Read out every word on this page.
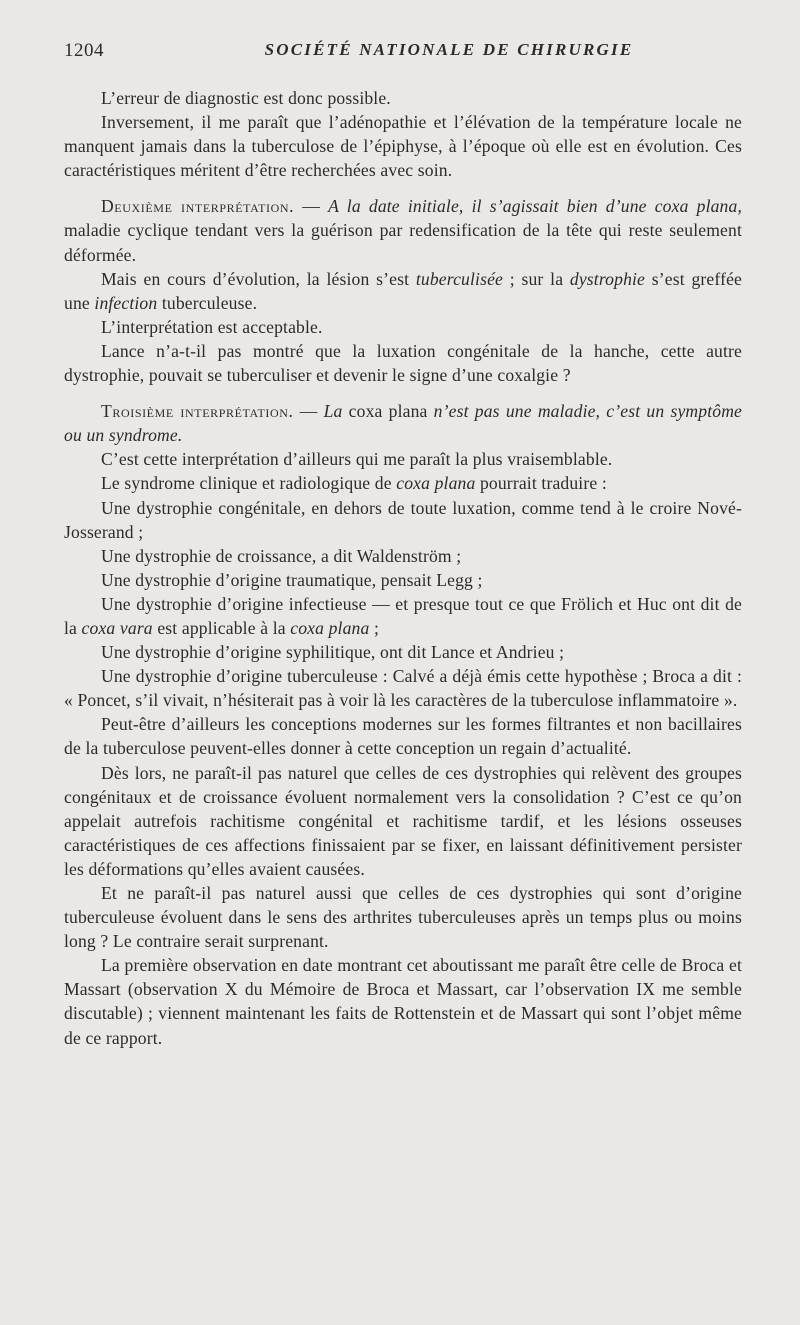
1204	SOCIÉTÉ NATIONALE DE CHIRURGIE

L’erreur de diagnostic est donc possible.

Inversement, il me paraît que l’adénopathie et l’élévation de la température locale ne manquent jamais dans la tuberculose de l’épiphyse, à l’époque où elle est en évolution. Ces caractéristiques méritent d’être recherchées avec soin.

Deuxième interprétation. — A la date initiale, il s’agissait bien d’une coxa plana, maladie cyclique tendant vers la guérison par redensification de la tête qui reste seulement déformée.

Mais en cours d’évolution, la lésion s’est tuberculisée ; sur la dystrophie s’est greffée une infection tuberculeuse.

L’interprétation est acceptable.

Lance n’a-t-il pas montré que la luxation congénitale de la hanche, cette autre dystrophie, pouvait se tuberculiser et devenir le signe d’une coxalgie ?

Troisième interprétation. — La coxa plana n’est pas une maladie, c’est un symptôme ou un syndrome.

C’est cette interprétation d’ailleurs qui me paraît la plus vraisemblable.

Le syndrome clinique et radiologique de coxa plana pourrait traduire :

Une dystrophie congénitale, en dehors de toute luxation, comme tend à le croire Nové-Josserand ;

Une dystrophie de croissance, a dit Waldenström ;

Une dystrophie d’origine traumatique, pensait Legg ;

Une dystrophie d’origine infectieuse — et presque tout ce que Frölich et Huc ont dit de la coxa vara est applicable à la coxa plana ;

Une dystrophie d’origine syphilitique, ont dit Lance et Andrieu ;

Une dystrophie d’origine tuberculeuse : Calvé a déjà émis cette hypothèse ; Broca a dit : « Poncet, s’il vivait, n’hésiterait pas à voir là les caractères de la tuberculose inflammatoire ».

Peut-être d’ailleurs les conceptions modernes sur les formes filtrantes et non bacillaires de la tuberculose peuvent-elles donner à cette conception un regain d’actualité.

Dès lors, ne paraît-il pas naturel que celles de ces dystrophies qui relèvent des groupes congénitaux et de croissance évoluent normalement vers la consolidation ? C’est ce qu’on appelait autrefois rachitisme congénital et rachitisme tardif, et les lésions osseuses caractéristiques de ces affections finissaient par se fixer, en laissant définitivement persister les déformations qu’elles avaient causées.

Et ne paraît-il pas naturel aussi que celles de ces dystrophies qui sont d’origine tuberculeuse évoluent dans le sens des arthrites tuberculeuses après un temps plus ou moins long ? Le contraire serait surprenant.

La première observation en date montrant cet aboutissant me paraît être celle de Broca et Massart (observation X du Mémoire de Broca et Massart, car l’observation IX me semble discutable) ; viennent maintenant les faits de Rottenstein et de Massart qui sont l’objet même de ce rapport.
